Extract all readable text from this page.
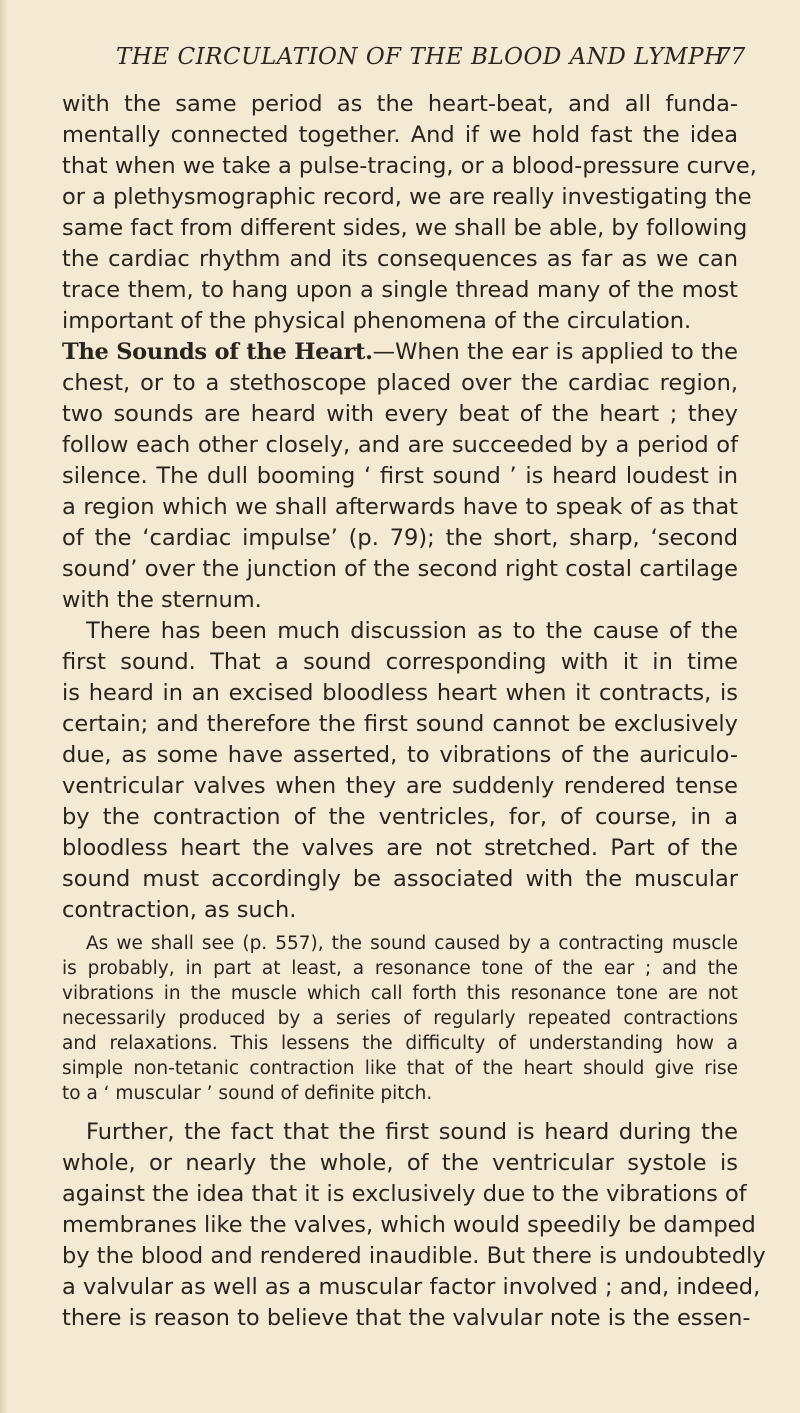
THE CIRCULATION OF THE BLOOD AND LYMPH
77
with the same period as the heart-beat, and all funda-
mentally connected together. And if we hold fast the idea
that when we take a pulse-tracing, or a blood-pressure curve,
or a plethysmographic record, we are really investigating the
same fact from different sides, we shall be able, by following
the cardiac rhythm and its consequences as far as we can
trace them, to hang upon a single thread many of the most
important of the physical phenomena of the circulation.
The Sounds of the Heart.—When the ear is applied to the
chest, or to a stethoscope placed over the cardiac region,
two sounds are heard with every beat of the heart ; they
follow each other closely, and are succeeded by a period of
silence. The dull booming ‘ first sound ’ is heard loudest in
a region which we shall afterwards have to speak of as that
of the ‘cardiac impulse’ (p. 79); the short, sharp, ‘second
sound’ over the junction of the second right costal cartilage
with the sternum.
There has been much discussion as to the cause of the
first sound. That a sound corresponding with it in time
is heard in an excised bloodless heart when it contracts, is
certain; and therefore the first sound cannot be exclusively
due, as some have asserted, to vibrations of the auriculo-
ventricular valves when they are suddenly rendered tense
by the contraction of the ventricles, for, of course, in a
bloodless heart the valves are not stretched. Part of the
sound must accordingly be associated with the muscular
contraction, as such.
As we shall see (p. 557), the sound caused by a contracting muscle
is probably, in part at least, a resonance tone of the ear ; and the
vibrations in the muscle which call forth this resonance tone are not
necessarily produced by a series of regularly repeated contractions
and relaxations. This lessens the difficulty of understanding how a
simple non-tetanic contraction like that of the heart should give rise
to a ‘ muscular ’ sound of definite pitch.
Further, the fact that the first sound is heard during the
whole, or nearly the whole, of the ventricular systole is
against the idea that it is exclusively due to the vibrations of
membranes like the valves, which would speedily be damped
by the blood and rendered inaudible. But there is undoubtedly
a valvular as well as a muscular factor involved ; and, indeed,
there is reason to believe that the valvular note is the essen-
